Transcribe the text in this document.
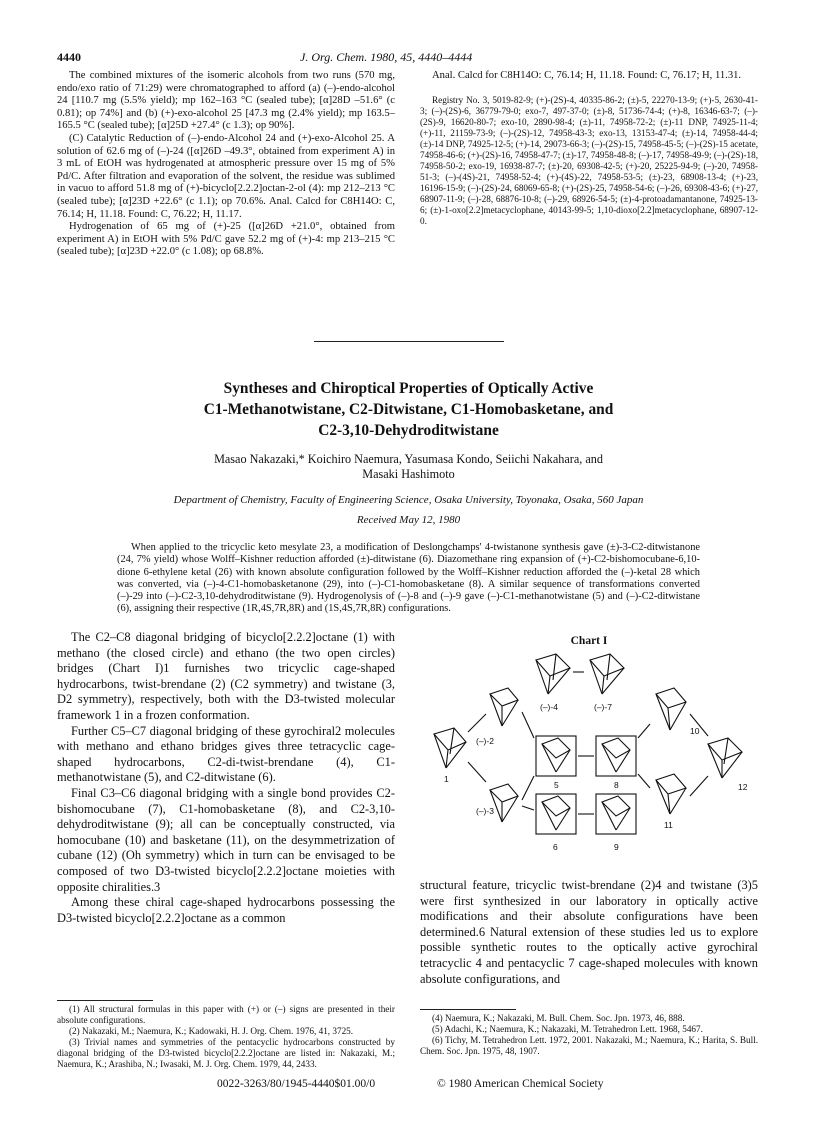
4440	J. Org. Chem. 1980, 45, 4440–4444

The combined mixtures of the isomeric alcohols from two runs (570 mg, endo/exo ratio of 71:29) were chromatographed to afford (a) (–)-endo-alcohol 24 [110.7 mg (5.5% yield); mp 162–163 °C (sealed tube); [α]28D –51.6° (c 0.81); op 74%] and (b) (+)-exo-alcohol 25 [47.3 mg (2.4% yield); mp 163.5–165.5 °C (sealed tube); [α]25D +27.4° (c 1.3); op 90%].

(C) Catalytic Reduction of (–)-endo-Alcohol 24 and (+)-exo-Alcohol 25. A solution of 62.6 mg of (–)-24 ([α]26D –49.3°, obtained from experiment A) in 3 mL of EtOH was hydrogenated at atmospheric pressure over 15 mg of 5% Pd/C. After filtration and evaporation of the solvent, the residue was sublimed in vacuo to afford 51.8 mg of (+)-bicyclo[2.2.2]octan-2-ol (4): mp 212–213 °C (sealed tube); [α]23D +22.6° (c 1.1); op 70.6%. Anal. Calcd for C8H14O: C, 76.14; H, 11.18. Found: C, 76.22; H, 11.17.

Hydrogenation of 65 mg of (+)-25 ([α]26D +21.0°, obtained from experiment A) in EtOH with 5% Pd/C gave 52.2 mg of (+)-4: mp 213–215 °C (sealed tube); [α]23D +22.0° (c 1.08); op 68.8%.

Anal. Calcd for C8H14O: C, 76.14; H, 11.18. Found: C, 76.17; H, 11.31.

Registry No. 3, 5019-82-9; (+)-(2S)-4, 40335-86-2; (±)-5, 22270-13-9; (+)-5, 2630-41-3; (–)-(2S)-6, 36779-79-0; exo-7, 497-37-0; (±)-8, 51736-74-4; (+)-8, 16346-63-7; (–)-(2S)-9, 16620-80-7; exo-10, 2890-98-4; (±)-11, 74958-72-2; (±)-11 DNP, 74925-11-4; (+)-11, 21159-73-9; (–)-(2S)-12, 74958-43-3; exo-13, 13153-47-4; (±)-14, 74958-44-4; (±)-14 DNP, 74925-12-5; (+)-14, 29073-66-3; (–)-(2S)-15, 74958-45-5; (–)-(2S)-15 acetate, 74958-46-6; (+)-(2S)-16, 74958-47-7; (±)-17, 74958-48-8; (–)-17, 74958-49-9; (–)-(2S)-18, 74958-50-2; exo-19, 16938-87-7; (±)-20, 69308-42-5; (+)-20, 25225-94-9; (–)-20, 74958-51-3; (–)-(4S)-21, 74958-52-4; (+)-(4S)-22, 74958-53-5; (±)-23, 68908-13-4; (+)-23, 16196-15-9; (–)-(2S)-24, 68069-65-8; (+)-(2S)-25, 74958-54-6; (–)-26, 69308-43-6; (+)-27, 68907-11-9; (–)-28, 68876-10-8; (–)-29, 68926-54-5; (±)-4-protoadamantanone, 74925-13-6; (±)-1-oxo[2.2]metacyclophane, 40143-99-5; 1,10-dioxo[2.2]metacyclophane, 68907-12-0.

Syntheses and Chiroptical Properties of Optically Active
C1-Methanotwistane, C2-Ditwistane, C1-Homobasketane, and
C2-3,10-Dehydroditwistane
Masao Nakazaki,* Koichiro Naemura, Yasumasa Kondo, Seiichi Nakahara, and
Masaki Hashimoto
Department of Chemistry, Faculty of Engineering Science, Osaka University, Toyonaka, Osaka, 560 Japan
Received May 12, 1980

When applied to the tricyclic keto mesylate 23, a modification of Deslongchamps' 4-twistanone synthesis gave (±)-3-C2-ditwistanone (24, 7% yield) whose Wolff–Kishner reduction afforded (±)-ditwistane (6). Diazomethane ring expansion of (+)-C2-bishomocubane-6,10-dione 6-ethylene ketal (26) with known absolute configuration followed by the Wolff–Kishner reduction afforded the (–)-ketal 28 which was converted, via (–)-4-C1-homobasketanone (29), into (–)-C1-homobasketane (8). A similar sequence of transformations converted (–)-29 into (–)-C2-3,10-dehydroditwistane (9). Hydrogenolysis of (–)-8 and (–)-9 gave (–)-C1-methanotwistane (5) and (–)-C2-ditwistane (6), assigning their respective (1R,4S,7R,8R) and (1S,4S,7R,8R) configurations.

The C2–C8 diagonal bridging of bicyclo[2.2.2]octane (1) with methano (the closed circle) and ethano (the two open circles) bridges (Chart I)1 furnishes two tricyclic cage-shaped hydrocarbons, twist-brendane (2) (C2 symmetry) and twistane (3, D2 symmetry), respectively, both with the D3-twisted molecular framework 1 in a frozen conformation.

Further C5–C7 diagonal bridging of these gyrochiral2 molecules with methano and ethano bridges gives three tetracyclic cage-shaped hydrocarbons, C2-di-twist-brendane (4), C1-methanotwistane (5), and C2-ditwistane (6).

Final C3–C6 diagonal bridging with a single bond provides C2-bishomocubane (7), C1-homobasketane (8), and C2-3,10-dehydroditwistane (9); all can be conceptually constructed, via homocubane (10) and basketane (11), on the desymmetrization of cubane (12) (Oh symmetry) which in turn can be envisaged to be composed of two D3-twisted bicyclo[2.2.2]octane moieties with opposite chiralities.3

Among these chiral cage-shaped hydrocarbons possessing the D3-twisted bicyclo[2.2.2]octane as a common

(1) All structural formulas in this paper with (+) or (–) signs are presented in their absolute configurations.

(2) Nakazaki, M.; Naemura, K.; Kadowaki, H. J. Org. Chem. 1976, 41, 3725.

(3) Trivial names and symmetries of the pentacyclic hydrocarbons constructed by diagonal bridging of the D3-twisted bicyclo[2.2.2]octane are listed in: Nakazaki, M.; Naemura, K.; Arashiba, N.; Iwasaki, M. J. Org. Chem. 1979, 44, 2433.

Chart I
(–)-4	(–)-7
(–)-2
10
1
5	8	12
(–)-3
11
6	9

structural feature, tricyclic twist-brendane (2)4 and twistane (3)5 were first synthesized in our laboratory in optically active modifications and their absolute configurations have been determined.6 Natural extension of these studies led us to explore possible synthetic routes to the optically active gyrochiral tetracyclic 4 and pentacyclic 7 cage-shaped molecules with known absolute configurations, and

(4) Naemura, K.; Nakazaki, M. Bull. Chem. Soc. Jpn. 1973, 46, 888.

(5) Adachi, K.; Naemura, K.; Nakazaki, M. Tetrahedron Lett. 1968, 5467.

(6) Tichy, M. Tetrahedron Lett. 1972, 2001. Nakazaki, M.; Naemura, K.; Harita, S. Bull. Chem. Soc. Jpn. 1975, 48, 1907.

0022-3263/80/1945-4440$01.00/0	© 1980 American Chemical Society
